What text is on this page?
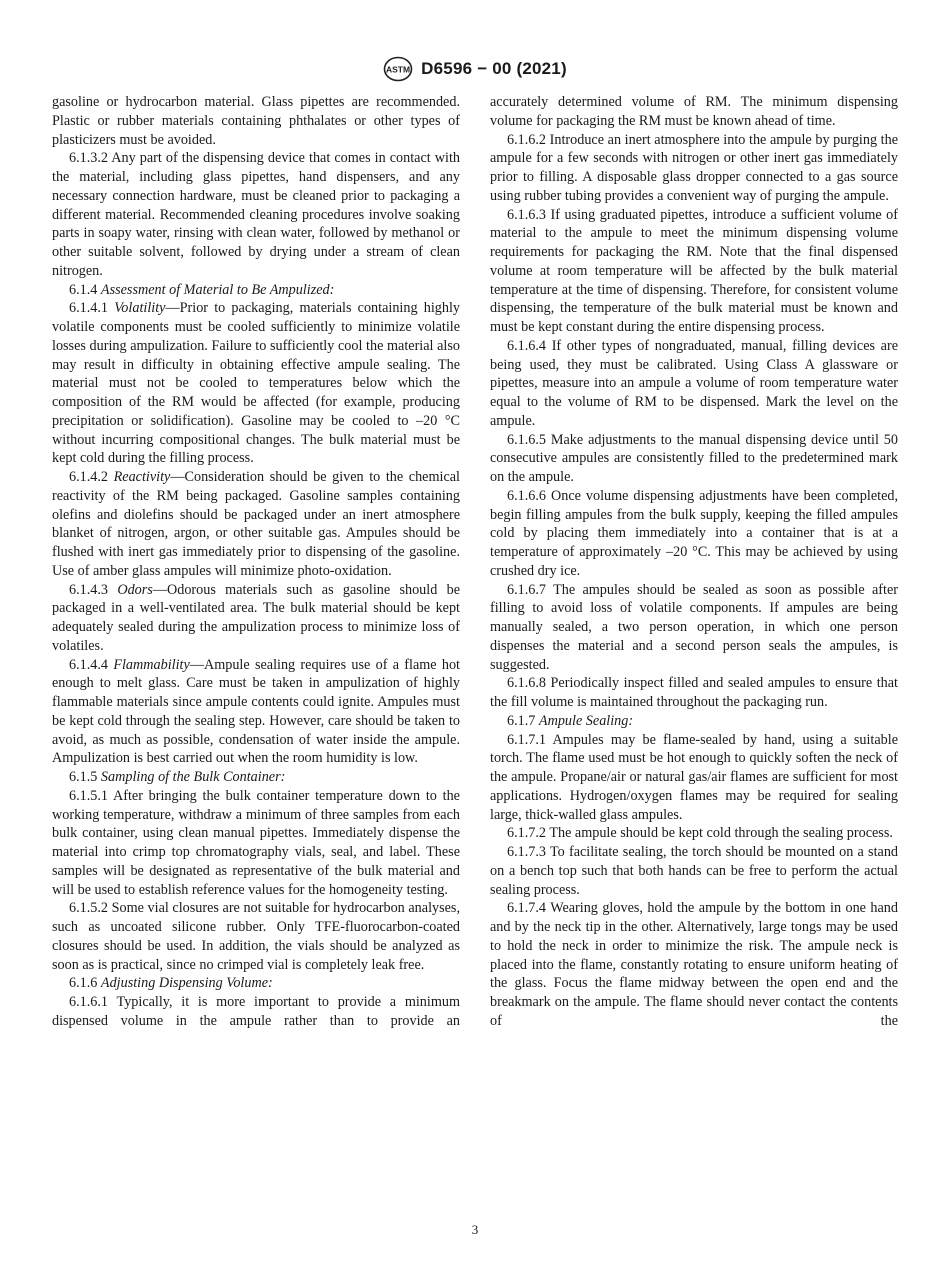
ASTM D6596 − 00 (2021)

gasoline or hydrocarbon material. Glass pipettes are recommended. Plastic or rubber materials containing phthalates or other types of plasticizers must be avoided.

6.1.3.2 Any part of the dispensing device that comes in contact with the material, including glass pipettes, hand dispensers, and any necessary connection hardware, must be cleaned prior to packaging a different material. Recommended cleaning procedures involve soaking parts in soapy water, rinsing with clean water, followed by methanol or other suitable solvent, followed by drying under a stream of clean nitrogen.

6.1.4 Assessment of Material to Be Ampulized:

6.1.4.1 Volatility—Prior to packaging, materials containing highly volatile components must be cooled sufficiently to minimize volatile losses during ampulization. Failure to sufficiently cool the material also may result in difficulty in obtaining effective ampule sealing. The material must not be cooled to temperatures below which the composition of the RM would be affected (for example, producing precipitation or solidification). Gasoline may be cooled to –20 °C without incurring compositional changes. The bulk material must be kept cold during the filling process.

6.1.4.2 Reactivity—Consideration should be given to the chemical reactivity of the RM being packaged. Gasoline samples containing olefins and diolefins should be packaged under an inert atmosphere blanket of nitrogen, argon, or other suitable gas. Ampules should be flushed with inert gas immediately prior to dispensing of the gasoline. Use of amber glass ampules will minimize photo-oxidation.

6.1.4.3 Odors—Odorous materials such as gasoline should be packaged in a well-ventilated area. The bulk material should be kept adequately sealed during the ampulization process to minimize loss of volatiles.

6.1.4.4 Flammability—Ampule sealing requires use of a flame hot enough to melt glass. Care must be taken in ampulization of highly flammable materials since ampule contents could ignite. Ampules must be kept cold through the sealing step. However, care should be taken to avoid, as much as possible, condensation of water inside the ampule. Ampulization is best carried out when the room humidity is low.

6.1.5 Sampling of the Bulk Container:

6.1.5.1 After bringing the bulk container temperature down to the working temperature, withdraw a minimum of three samples from each bulk container, using clean manual pipettes. Immediately dispense the material into crimp top chromatography vials, seal, and label. These samples will be designated as representative of the bulk material and will be used to establish reference values for the homogeneity testing.

6.1.5.2 Some vial closures are not suitable for hydrocarbon analyses, such as uncoated silicone rubber. Only TFE-fluorocarbon-coated closures should be used. In addition, the vials should be analyzed as soon as is practical, since no crimped vial is completely leak free.

6.1.6 Adjusting Dispensing Volume:

6.1.6.1 Typically, it is more important to provide a minimum dispensed volume in the ampule rather than to provide an

accurately determined volume of RM. The minimum dispensing volume for packaging the RM must be known ahead of time.

6.1.6.2 Introduce an inert atmosphere into the ampule by purging the ampule for a few seconds with nitrogen or other inert gas immediately prior to filling. A disposable glass dropper connected to a gas source using rubber tubing provides a convenient way of purging the ampule.

6.1.6.3 If using graduated pipettes, introduce a sufficient volume of material to the ampule to meet the minimum dispensing volume requirements for packaging the RM. Note that the final dispensed volume at room temperature will be affected by the bulk material temperature at the time of dispensing. Therefore, for consistent volume dispensing, the temperature of the bulk material must be known and must be kept constant during the entire dispensing process.

6.1.6.4 If other types of nongraduated, manual, filling devices are being used, they must be calibrated. Using Class A glassware or pipettes, measure into an ampule a volume of room temperature water equal to the volume of RM to be dispensed. Mark the level on the ampule.

6.1.6.5 Make adjustments to the manual dispensing device until 50 consecutive ampules are consistently filled to the predetermined mark on the ampule.

6.1.6.6 Once volume dispensing adjustments have been completed, begin filling ampules from the bulk supply, keeping the filled ampules cold by placing them immediately into a container that is at a temperature of approximately –20 °C. This may be achieved by using crushed dry ice.

6.1.6.7 The ampules should be sealed as soon as possible after filling to avoid loss of volatile components. If ampules are being manually sealed, a two person operation, in which one person dispenses the material and a second person seals the ampules, is suggested.

6.1.6.8 Periodically inspect filled and sealed ampules to ensure that the fill volume is maintained throughout the packaging run.

6.1.7 Ampule Sealing:

6.1.7.1 Ampules may be flame-sealed by hand, using a suitable torch. The flame used must be hot enough to quickly soften the neck of the ampule. Propane/air or natural gas/air flames are sufficient for most applications. Hydrogen/oxygen flames may be required for sealing large, thick-walled glass ampules.

6.1.7.2 The ampule should be kept cold through the sealing process.

6.1.7.3 To facilitate sealing, the torch should be mounted on a stand on a bench top such that both hands can be free to perform the actual sealing process.

6.1.7.4 Wearing gloves, hold the ampule by the bottom in one hand and by the neck tip in the other. Alternatively, large tongs may be used to hold the neck in order to minimize the risk. The ampule neck is placed into the flame, constantly rotating to ensure uniform heating of the glass. Focus the flame midway between the open end and the breakmark on the ampule. The flame should never contact the contents of the

3
